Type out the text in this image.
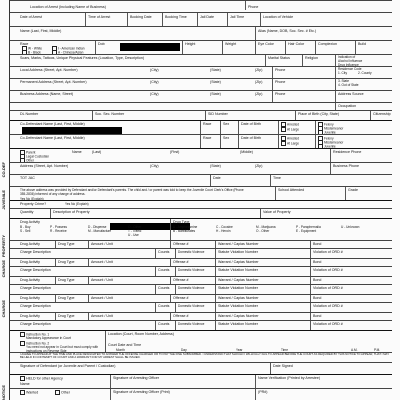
CO-DEF
JUVENILE
PROPERTY
CHARGE
CHARGE
NOTICE
Location of Arrest (Including Name of Business)	Phone
Date of Arrest	Time of Arrest	Booking Date	Booking Time	Jail Date	Jail Time	Location of Vehicle
Name (Last, First, Middle)	Alias (Name, DOB, Soc. Sec. # Etc.)
Race
W - White
B - Black
I - American Indian
A - Chinese/Asian
Dob	Height	Weight	Eye Color	Hair Color	Complexion	Build
Scars, Marks, Tattoos, Unique Physical Features (Location, Type, Description)	Marital Status	Religion	Indication of
Alcohol Influence
Drug Influence
Local Address (Street, Apt. Number)	(City)	(State)	(Zip)	Phone	Residence Code
1. City	2. County
Permanent Address (Street, Apt. Number)	(City)	(State)	(Zip)	Phone	3. State
4. Out of State
Business Address (Name, Street)	(City)	(State)	(Zip)	Phone	Address Source
Occupation
DL Number	Soc. Sec. Number	SID Number	Place of Birth (City, State)	Citizenship
Co-Defendant Name (Last, First, Middle)	Race	Sex	Date of Birth	Arrested
At Large
Felony
Misdemeanor
Juvenile
Co-Defendant Name (Last, First, Middle)	Race	Sex	Date of Birth	Arrested
At Large
Felony
Misdemeanor
Juvenile
Parent
Legal Custodian
Other
Name	(Last)	(First)	(Middle)	Residence Phone
Address (Street, Apt. Number)	(City)	(State)	(Zip)	Business Phone
TOT JAC	Date	Time
The above address was provided by Defendant and/or Defendant's parents. The child and / or parent was told to keep the Juvenile Court Clerk's Office (Phone 355-2836) informed of any change of address.
Yes No (Explain)
School Attended	Grade
Property Crime?	Yes No (Explain)
Quantity	Description of Property	Value of Property
Drug Activity
B - Buy
S - Sell
P - Possess
R - Receive
D - Dispense
M - Manufacture
O - Other
T - Traffic
U - Use
Drug Type
A - Amphetamine
B - Barbiturates
C - Cocaine
H - Heroin
M - Marijuana
O - Other
P - Paraphernalia
E - Equipment
U - Unknown
Instruction No. 1
Mandatory Appearance in Court
Instruction No. 2
You need not appear in Court but must comply with instructions on Reverse Side
Location (Court, Room Number, Address)
Court Date and Time
Month	Day	Year	Time	A.M.	P.M.
I AGREE TO APPEAR AT THE TIME AND PLACE DESIGNATED TO ANSWER THE OFFENSE CHARGED OR TO PAY THE FINE SUBSCRIBED. I UNDERSTAND THAT SHOULD I WILLFULLY FAIL TO APPEAR BEFORE THE COURT AS REQUIRED BY THIS NOTICE TO APPEAR, THAT I MAY BE HELD IN CONTEMPT OF COURT AND A WARRANT FOR MY ARREST SHALL BE ISSUED.
Signature of Defendant (or Juvenile and Parent / Custodian)	Date Signed
HELD for other Agency
Name
Signature of Arresting Officer	Name Verification (Printed by Arrestee)
Wanted	Other	Signature of Arresting Officer (Print)	(PR#)
Drug Activity	Drug Type	Amount / Unit	Offense #	Warrant / Capias Number	Bond
Charge Description	Counts	Domestic Violence	Statute Violation Number	Violation of ORD #
Drug Activity	Drug Type	Amount / Unit	Offense #	Warrant / Capias Number	Bond
Charge Description	Counts	Domestic Violence	Statute Violation Number	Violation of ORD #
Drug Activity	Drug Type	Amount / Unit	Offense #	Warrant / Capias Number	Bond
Charge Description	Counts	Domestic Violence	Statute Violation Number	Violation of ORD #
Drug Activity	Drug Type	Amount / Unit	Offense #	Warrant / Capias Number	Bond
Charge Description	Counts	Domestic Violence	Statute Violation Number	Violation of ORD #
Drug Activity	Drug Type	Amount / Unit	Offense #	Warrant / Capias Number	Bond
Charge Description	Counts	Domestic Violence	Statute Violation Number	Violation of ORD #
